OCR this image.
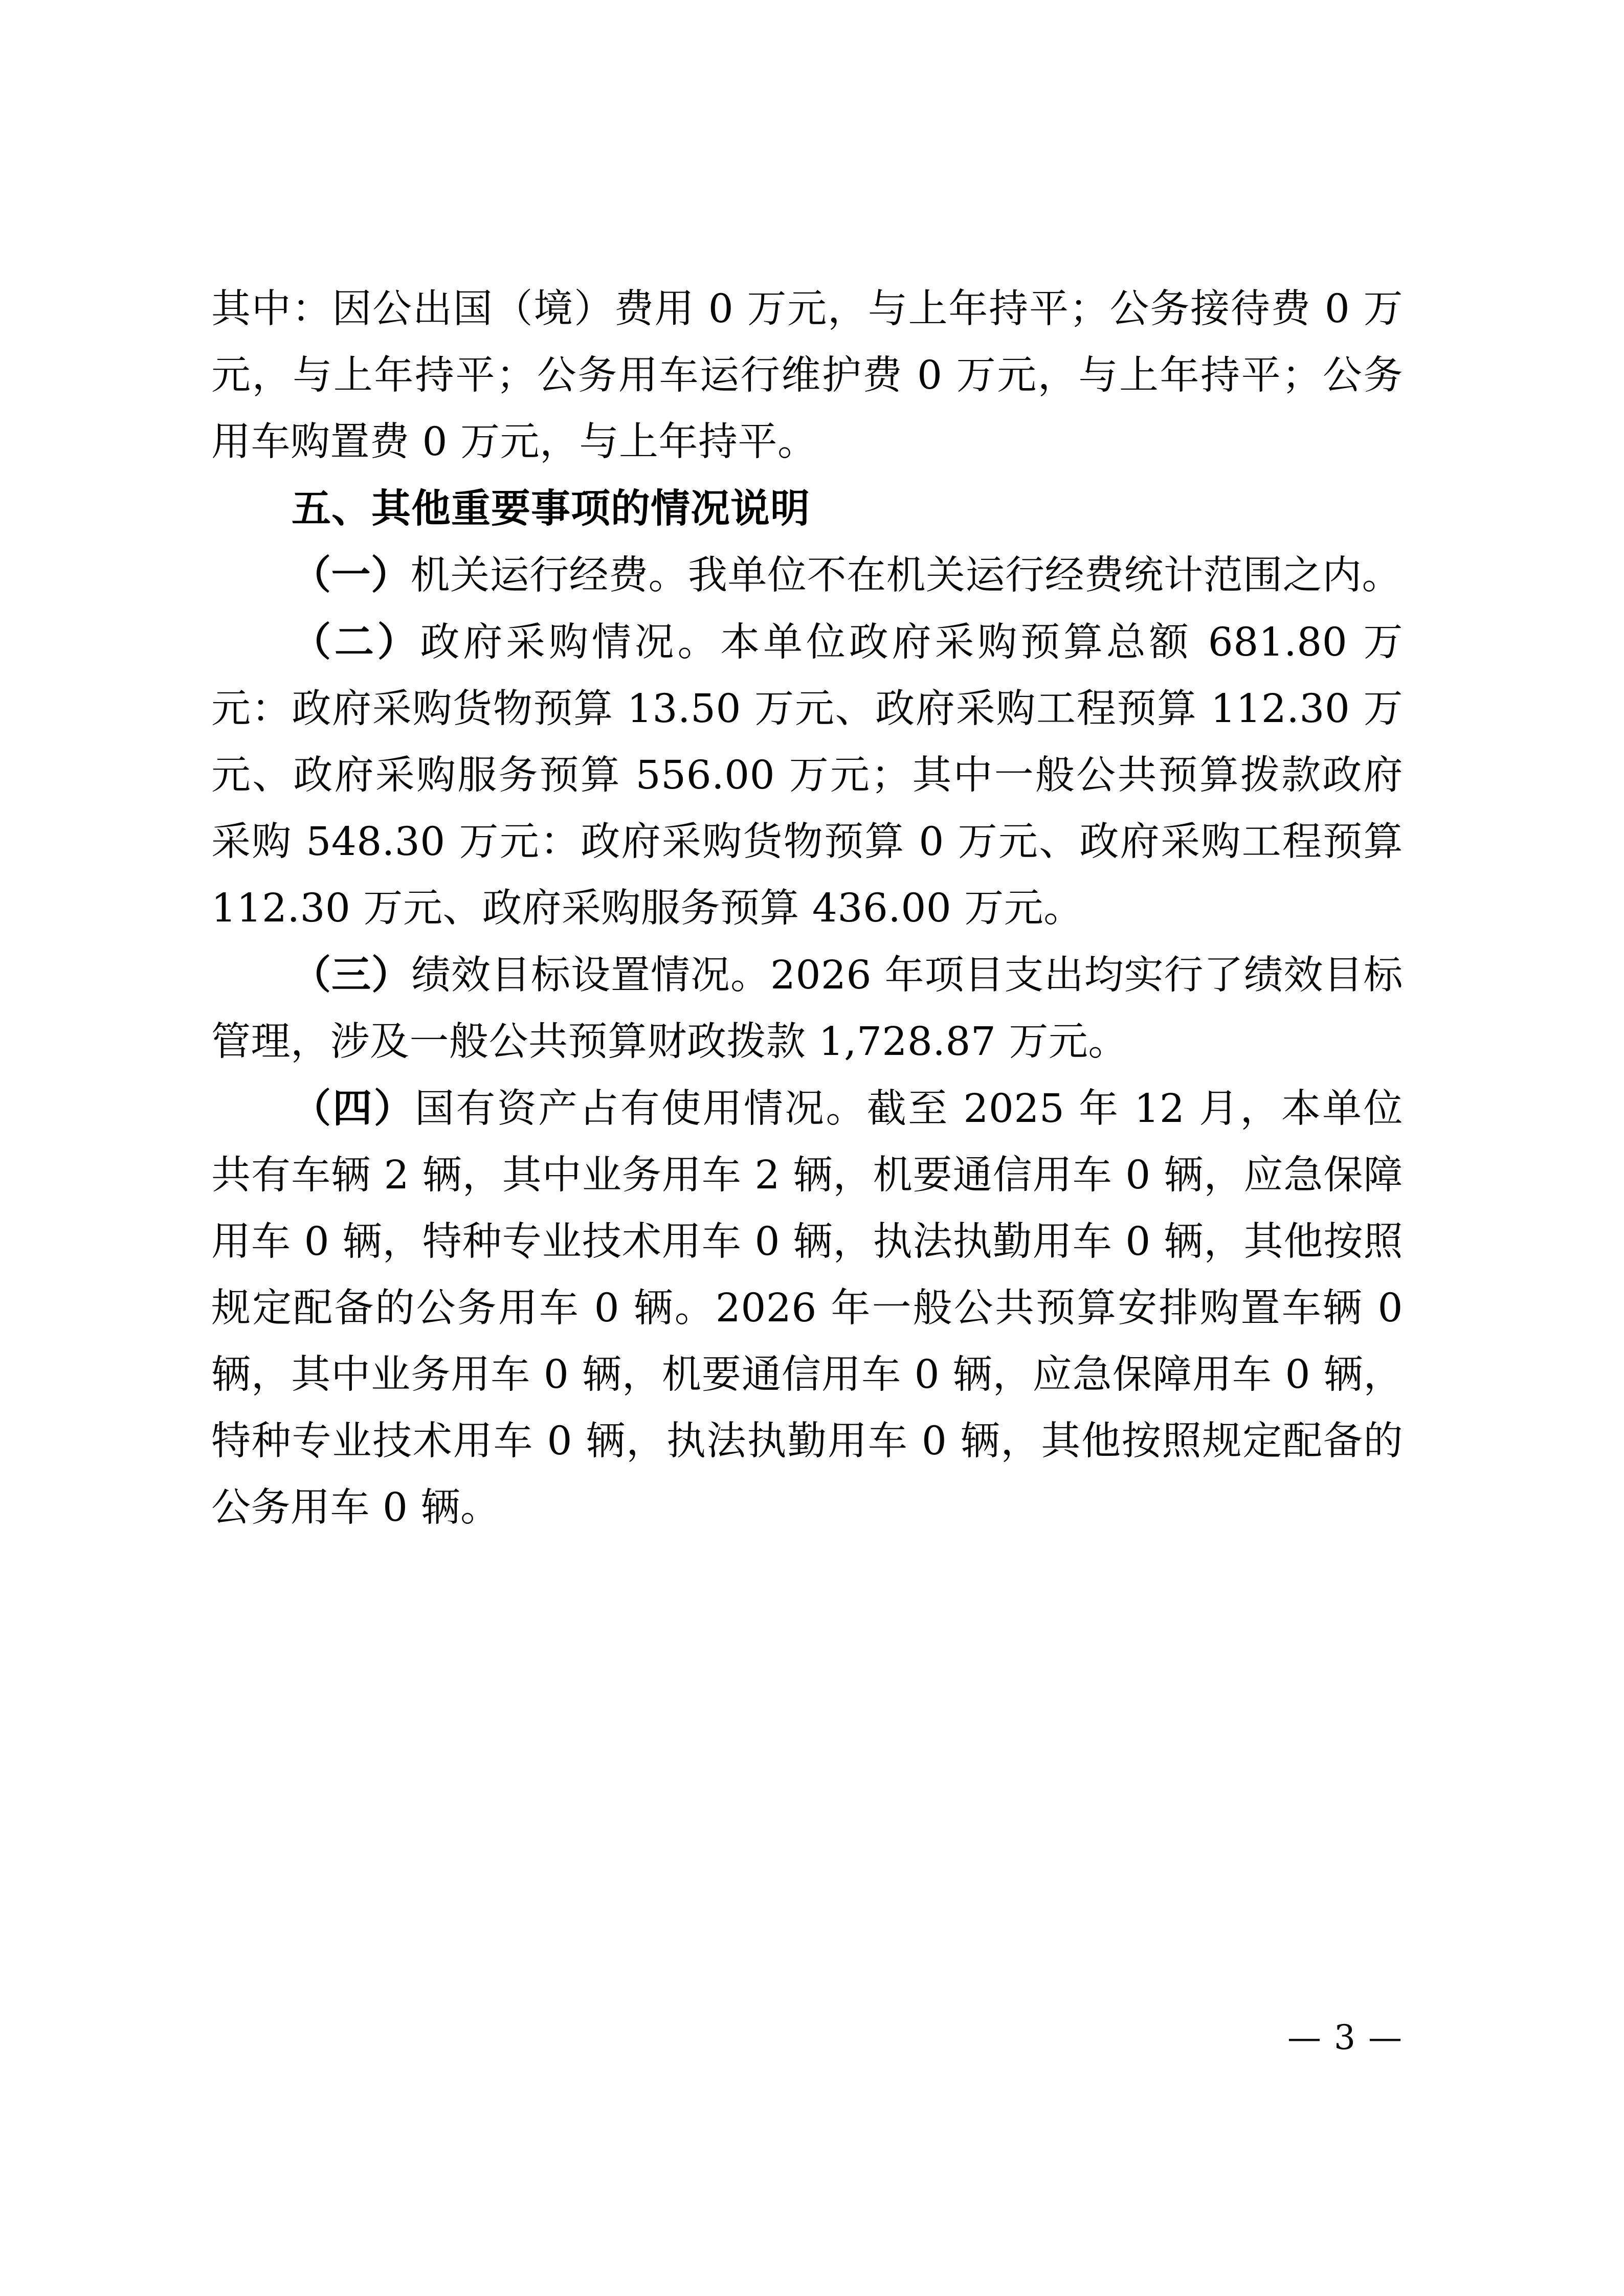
其中：因公出国（境）费用 0 万元，与上年持平；公务接待费 0 万元，与上年持平；公务用车运行维护费 0 万元，与上年持平；公务用车购置费 0 万元，与上年持平。

五、其他重要事项的情况说明

（一）机关运行经费。我单位不在机关运行经费统计范围之内。

（二）政府采购情况。本单位政府采购预算总额 681.80 万元：政府采购货物预算 13.50 万元、政府采购工程预算 112.30 万元、政府采购服务预算 556.00 万元；其中一般公共预算拨款政府采购 548.30 万元：政府采购货物预算 0 万元、政府采购工程预算 112.30 万元、政府采购服务预算 436.00 万元。

（三）绩效目标设置情况。2026 年项目支出均实行了绩效目标管理，涉及一般公共预算财政拨款 1,728.87 万元。

（四）国有资产占有使用情况。截至 2025 年 12 月，本单位共有车辆 2 辆，其中业务用车 2 辆，机要通信用车 0 辆，应急保障用车 0 辆，特种专业技术用车 0 辆，执法执勤用车 0 辆，其他按照规定配备的公务用车 0 辆。2026 年一般公共预算安排购置车辆 0 辆，其中业务用车 0 辆，机要通信用车 0 辆，应急保障用车 0 辆，特种专业技术用车 0 辆，执法执勤用车 0 辆，其他按照规定配备的公务用车 0 辆。

— 3 —
